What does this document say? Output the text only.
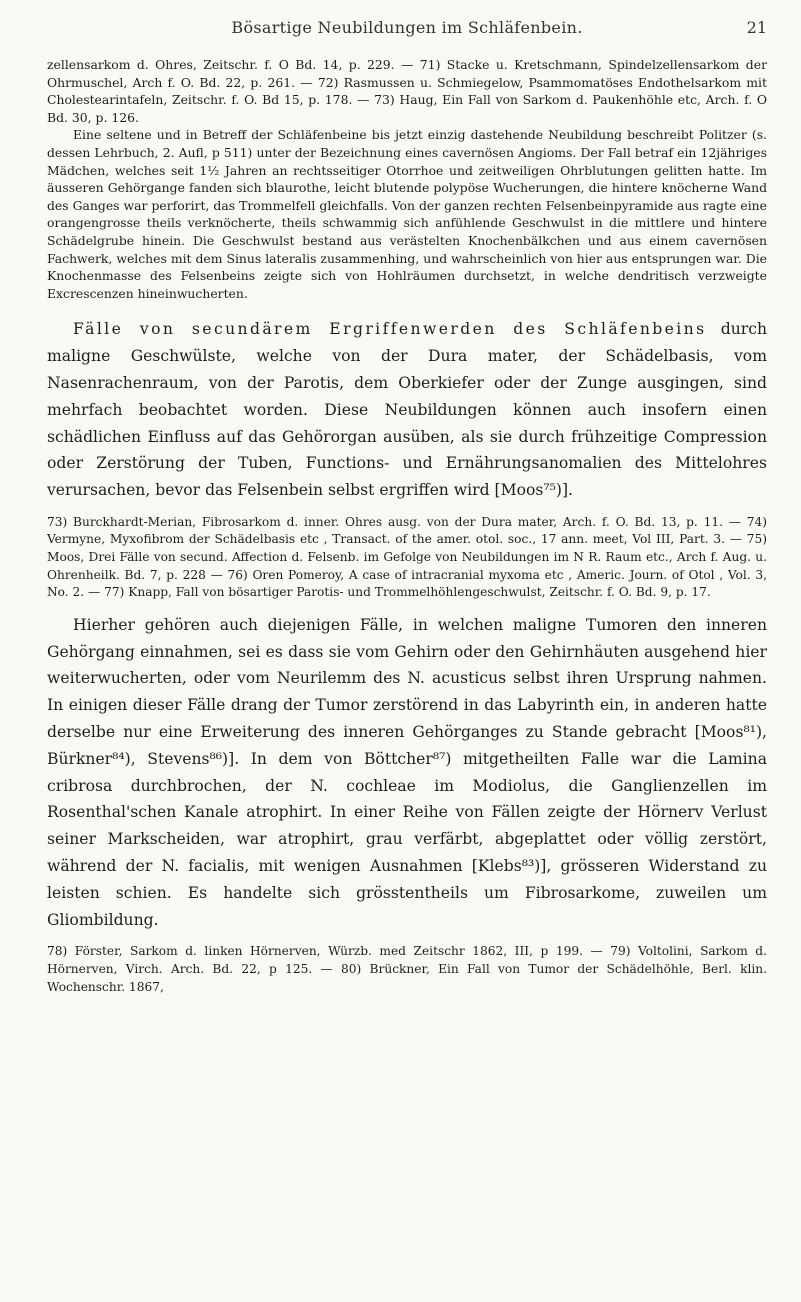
Bösartige Neubildungen im Schläfenbein.	21

zellensarkom d. Ohres, Zeitschr. f. O Bd. 14, p. 229. — 71) Stacke u. Kretschmann, Spindelzellensarkom der Ohrmuschel, Arch f. O. Bd. 22, p. 261. — 72) Rasmussen u. Schmiegelow, Psammomatöses Endothelsarkom mit Cholestearintafeln, Zeitschr. f. O. Bd 15, p. 178. — 73) Haug, Ein Fall von Sarkom d. Paukenhöhle etc, Arch. f. O Bd. 30, p. 126.

Eine seltene und in Betreff der Schläfenbeine bis jetzt einzig dastehende Neubildung beschreibt Politzer (s. dessen Lehrbuch, 2. Aufl, p 511) unter der Bezeichnung eines cavernösen Angioms. Der Fall betraf ein 12jähriges Mädchen, welches seit 1½ Jahren an rechtsseitiger Otorrhoe und zeitweiligen Ohrblutungen gelitten hatte. Im äusseren Gehörgange fanden sich blaurothe, leicht blutende polypöse Wucherungen, die hintere knöcherne Wand des Ganges war perforirt, das Trommelfell gleichfalls. Von der ganzen rechten Felsenbeinpyramide aus ragte eine orangengrosse theils verknöcherte, theils schwammig sich anfühlende Geschwulst in die mittlere und hintere Schädelgrube hinein. Die Geschwulst bestand aus verästelten Knochenbälkchen und aus einem cavernösen Fachwerk, welches mit dem Sinus lateralis zusammenhing, und wahrscheinlich von hier aus entsprungen war. Die Knochenmasse des Felsenbeins zeigte sich von Hohlräumen durchsetzt, in welche dendritisch verzweigte Excrescenzen hineinwucherten.

Fälle von secundärem Ergriffenwerden des Schläfenbeins durch maligne Geschwülste, welche von der Dura mater, der Schädelbasis, vom Nasenrachenraum, von der Parotis, dem Oberkiefer oder der Zunge ausgingen, sind mehrfach beobachtet worden. Diese Neubildungen können auch insofern einen schädlichen Einfluss auf das Gehörorgan ausüben, als sie durch frühzeitige Compression oder Zerstörung der Tuben, Functions- und Ernährungsanomalien des Mittelohres verursachen, bevor das Felsenbein selbst ergriffen wird [Moos⁷⁵)].

73) Burckhardt-Merian, Fibrosarkom d. inner. Ohres ausg. von der Dura mater, Arch. f. O. Bd. 13, p. 11. — 74) Vermyne, Myxofibrom der Schädelbasis etc , Transact. of the amer. otol. soc., 17 ann. meet, Vol III, Part. 3. — 75) Moos, Drei Fälle von secund. Affection d. Felsenb. im Gefolge von Neubildungen im N R. Raum etc., Arch f. Aug. u. Ohrenheilk. Bd. 7, p. 228 — 76) Oren Pomeroy, A case of intracranial myxoma etc , Americ. Journ. of Otol , Vol. 3, No. 2. — 77) Knapp, Fall von bösartiger Parotis- und Trommelhöhlengeschwulst, Zeitschr. f. O. Bd. 9, p. 17.

Hierher gehören auch diejenigen Fälle, in welchen maligne Tumoren den inneren Gehörgang einnahmen, sei es dass sie vom Gehirn oder den Gehirnhäuten ausgehend hier weiterwucherten, oder vom Neurilemm des N. acusticus selbst ihren Ursprung nahmen. In einigen dieser Fälle drang der Tumor zerstörend in das Labyrinth ein, in anderen hatte derselbe nur eine Erweiterung des inneren Gehörganges zu Stande gebracht [Moos⁸¹), Bürkner⁸⁴), Stevens⁸⁶)]. In dem von Böttcher⁸⁷) mitgetheilten Falle war die Lamina cribrosa durchbrochen, der N. cochleae im Modiolus, die Ganglienzellen im Rosenthal'schen Kanale atrophirt. In einer Reihe von Fällen zeigte der Hörnerv Verlust seiner Markscheiden, war atrophirt, grau verfärbt, abgeplattet oder völlig zerstört, während der N. facialis, mit wenigen Ausnahmen [Klebs⁸³)], grösseren Widerstand zu leisten schien. Es handelte sich grösstentheils um Fibrosarkome, zuweilen um Gliombildung.

78) Förster, Sarkom d. linken Hörnerven, Würzb. med Zeitschr 1862, III, p 199. — 79) Voltolini, Sarkom d. Hörnerven, Virch. Arch. Bd. 22, p 125. — 80) Brückner, Ein Fall von Tumor der Schädelhöhle, Berl. klin. Wochenschr. 1867,
